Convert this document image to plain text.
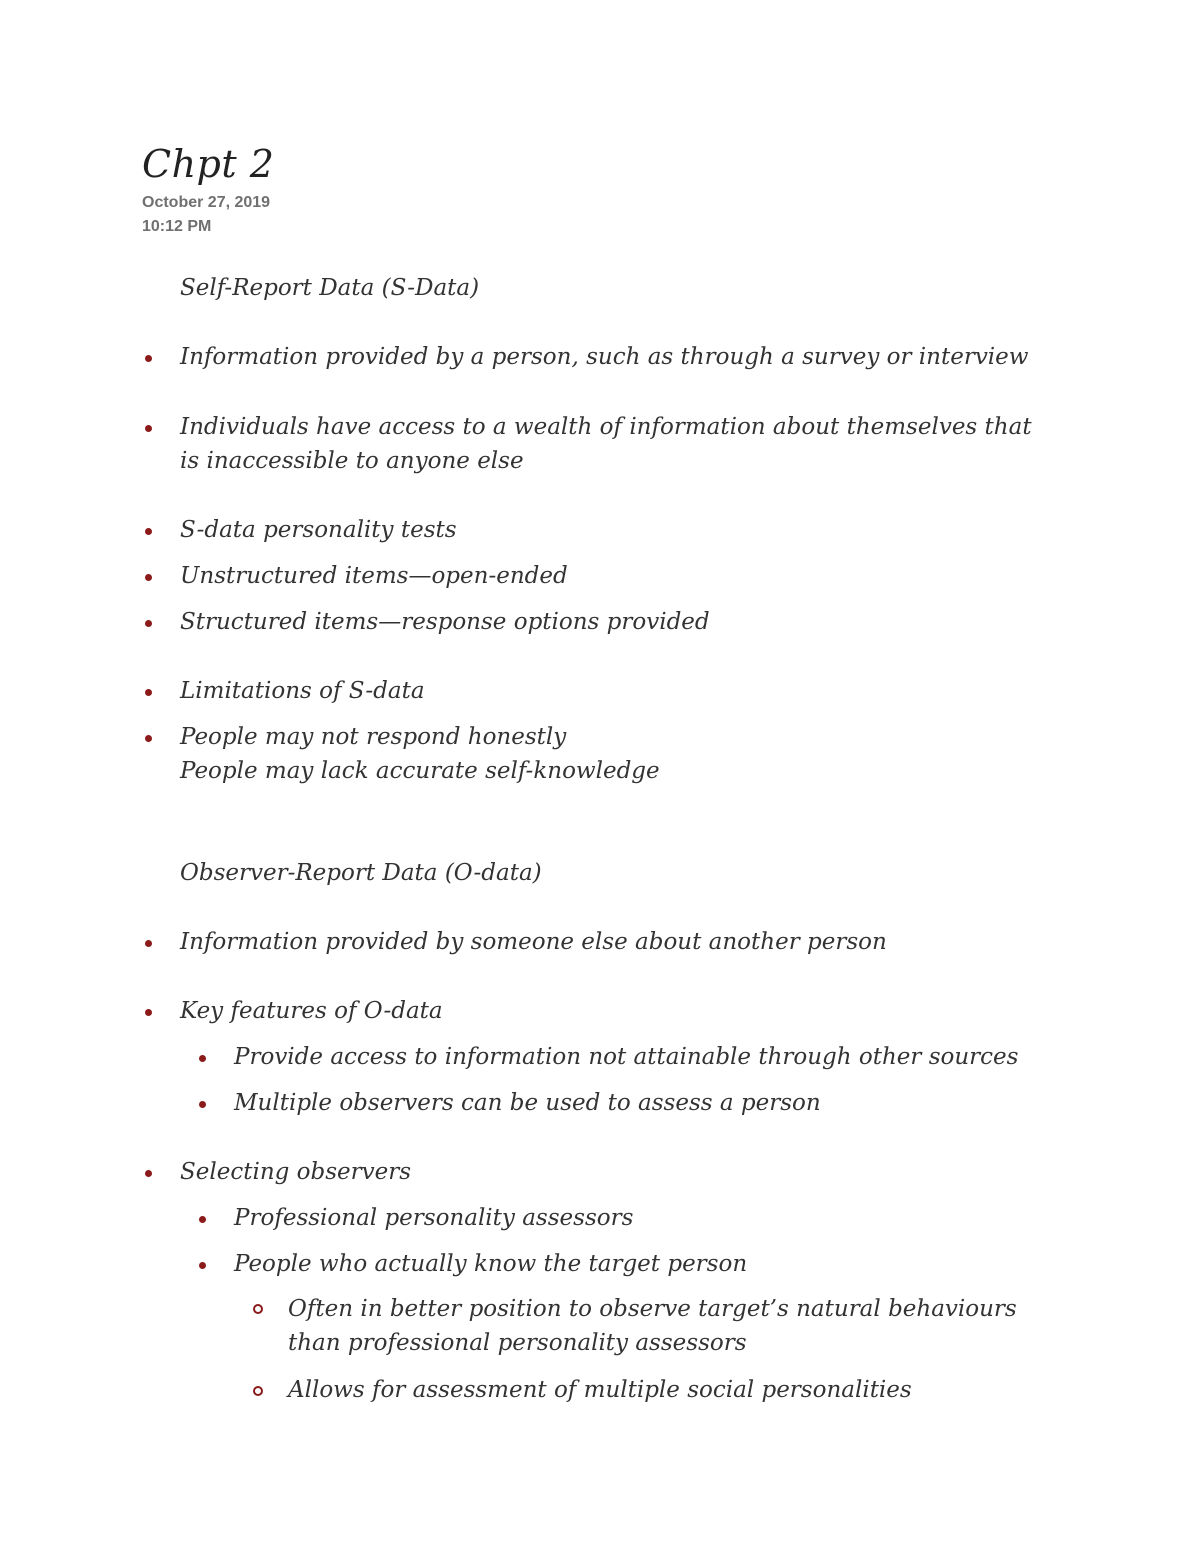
Chpt 2
October 27, 2019
10:12 PM
Self-Report Data (S-Data)
Information provided by a person, such as through a survey or interview
Individuals have access to a wealth of information about themselves that
is inaccessible to anyone else
S-data personality tests
Unstructured items—open-ended
Structured items—response options provided
Limitations of S-data
People may not respond honestly
People may lack accurate self-knowledge
Observer-Report Data (O-data)
Information provided by someone else about another person
Key features of O-data
Provide access to information not attainable through other sources
Multiple observers can be used to assess a person
Selecting observers
Professional personality assessors
People who actually know the target person
Often in better position to observe target’s natural behaviours
than professional personality assessors
Allows for assessment of multiple social personalities
